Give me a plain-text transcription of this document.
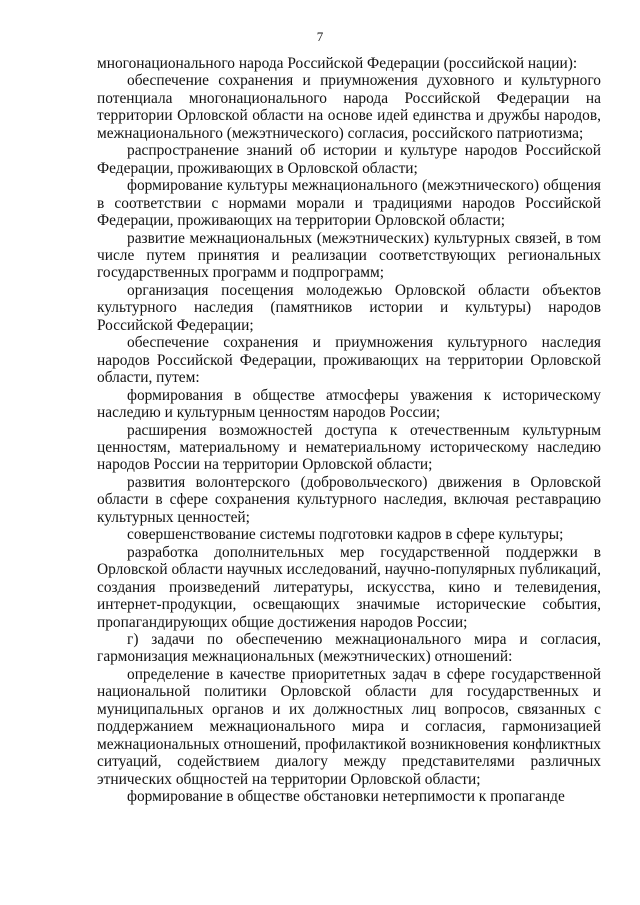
7

многонационального народа Российской Федерации (российской нации):

обеспечение сохранения и приумножения духовного и культурного потенциала многонационального народа Российской Федерации на территории Орловской области на основе идей единства и дружбы народов, межнационального (межэтнического) согласия, российского патриотизма;

распространение знаний об истории и культуре народов Российской Федерации, проживающих в Орловской области;

формирование культуры межнационального (межэтнического) общения в соответствии с нормами морали и традициями народов Российской Федерации, проживающих на территории Орловской области;

развитие межнациональных (межэтнических) культурных связей, в том числе путем принятия и реализации соответствующих региональных государственных программ и подпрограмм;

организация посещения молодежью Орловской области объектов культурного наследия (памятников истории и культуры) народов Российской Федерации;

обеспечение сохранения и приумножения культурного наследия народов Российской Федерации, проживающих на территории Орловской области, путем:

формирования в обществе атмосферы уважения к историческому наследию и культурным ценностям народов России;

расширения возможностей доступа к отечественным культурным ценностям, материальному и нематериальному историческому наследию народов России на территории Орловской области;

развития волонтерского (добровольческого) движения в Орловской области в сфере сохранения культурного наследия, включая реставрацию культурных ценностей;

совершенствование системы подготовки кадров в сфере культуры;

разработка дополнительных мер государственной поддержки в Орловской области научных исследований, научно-популярных публикаций, создания произведений литературы, искусства, кино и телевидения, интернет-продукции, освещающих значимые исторические события, пропагандирующих общие достижения народов России;

г) задачи по обеспечению межнационального мира и согласия, гармонизация межнациональных (межэтнических) отношений:

определение в качестве приоритетных задач в сфере государственной национальной политики Орловской области для государственных и муниципальных органов и их должностных лиц вопросов, связанных с поддержанием межнационального мира и согласия, гармонизацией межнациональных отношений, профилактикой возникновения конфликтных ситуаций, содействием диалогу между представителями различных этнических общностей на территории Орловской области;

формирование в обществе обстановки нетерпимости к пропаганде
